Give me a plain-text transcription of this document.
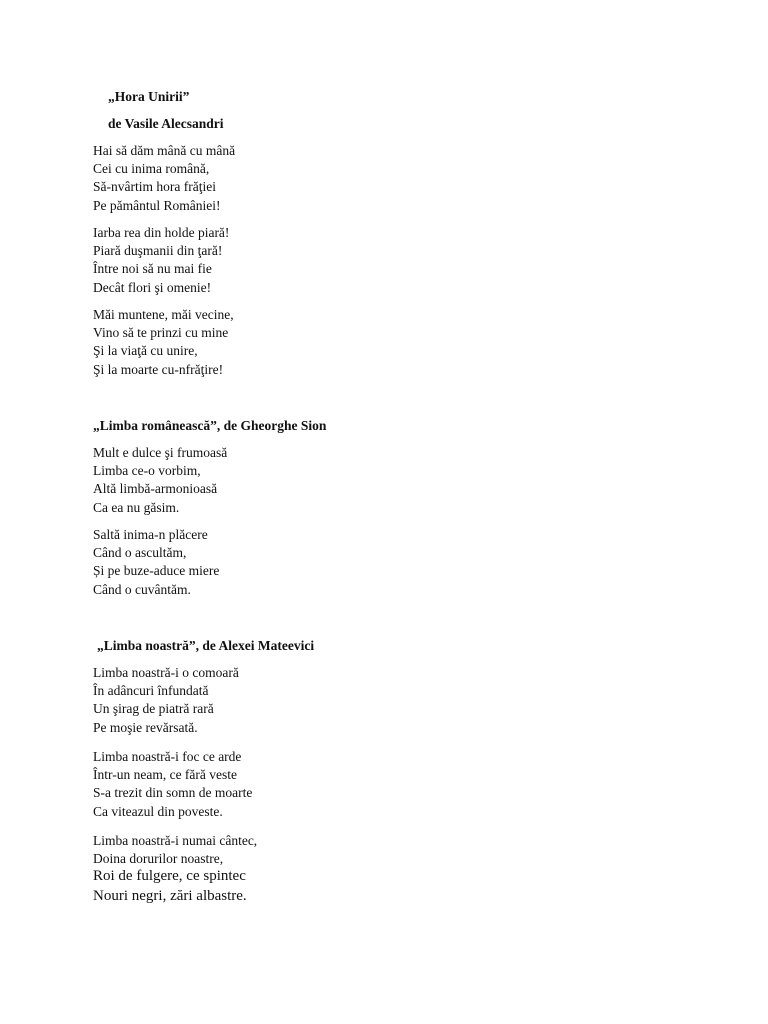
„Hora Unirii”
de Vasile Alecsandri
Hai să dăm mână cu mână
Cei cu inima română,
Să-nvârtim hora frăţiei
Pe pământul României!
Iarba rea din holde piară!
Piară duşmanii din ţară!
Între noi să nu mai fie
Decât flori şi omenie!
Măi muntene, măi vecine,
Vino să te prinzi cu mine
Şi la viaţă cu unire,
Şi la moarte cu-nfrăţire!
„Limba românească”, de Gheorghe Sion
Mult e dulce şi frumoasă
Limba ce-o vorbim,
Altă limbă-armonioasă
Ca ea nu găsim.
Saltă inima-n plăcere
Când o ascultăm,
Și pe buze-aduce miere
Când o cuvântăm.
„Limba noastră”, de Alexei Mateevici
Limba noastră-i o comoară
În adâncuri înfundată
Un şirag de piatră rară
Pe moşie revărsată.
Limba noastră-i foc ce arde
Într-un neam, ce fără veste
S-a trezit din somn de moarte
Ca viteazul din poveste.
Limba noastră-i numai cântec,
Doina dorurilor noastre,
Roi de fulgere, ce spintec
Nouri negri, zări albastre.
